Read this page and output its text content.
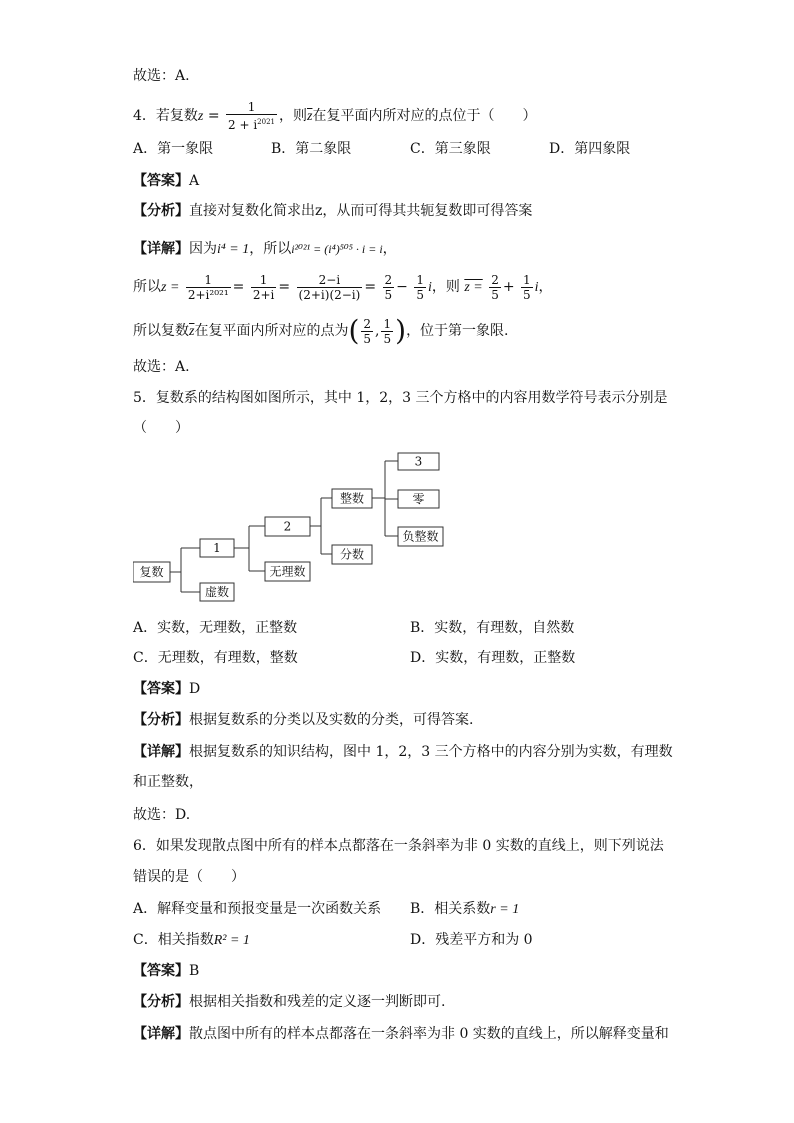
故选：A.
4．若复数$z = \frac{1}{2 + i^{2021}}$ ，则$\overline{z}$在复平面内所对应的点位于（　　）
A．第一象限	B．第二象限	C．第三象限	D．第四象限
【答案】A
【分析】直接对复数化简求出z，从而可得其共轭复数即可得答案
【详解】因为i⁴ = 1，所以i²⁰²¹ = (i⁴)⁵⁰⁵ · i = i，
所以$z = \frac{1}{\text{2+i²⁰²¹}} = \frac{1}{2+i} = \frac{2-i}{(2+i)(2-i)} = \frac{2}{5} - \frac{1}{5}$ i，则 $z = \frac{2}{5} + \frac{1}{5}$ i，
所以复数$\overline{z}$在复平面内所对应的点为( $\frac{2}{5}$ , $\frac{1}{5}$ )，位于第一象限.
故选：A.
5．复数系的结构图如图所示，其中 1，2，3 三个方格中的内容用数学符号表示分别是
（　　）
复数
1
虚数
2
无理数
整数
分数
3
零
负整数
A．实数，无理数，正整数	B．实数，有理数，自然数
C．无理数，有理数，整数	D．实数，有理数，正整数
【答案】D
【分析】根据复数系的分类以及实数的分类，可得答案.
【详解】根据复数系的知识结构，图中 1，2，3 三个方格中的内容分别为实数，有理数
和正整数，
故选：D.
6．如果发现散点图中所有的样本点都落在一条斜率为非 0 实数的直线上，则下列说法
错误的是（　　）
A．解释变量和预报变量是一次函数关系 B．相关系数r = 1
C．相关指数R² = 1	D．残差平方和为 0
【答案】B
【分析】根据相关指数和残差的定义逐一判断即可.
【详解】散点图中所有的样本点都落在一条斜率为非 0 实数的直线上，所以解释变量和
